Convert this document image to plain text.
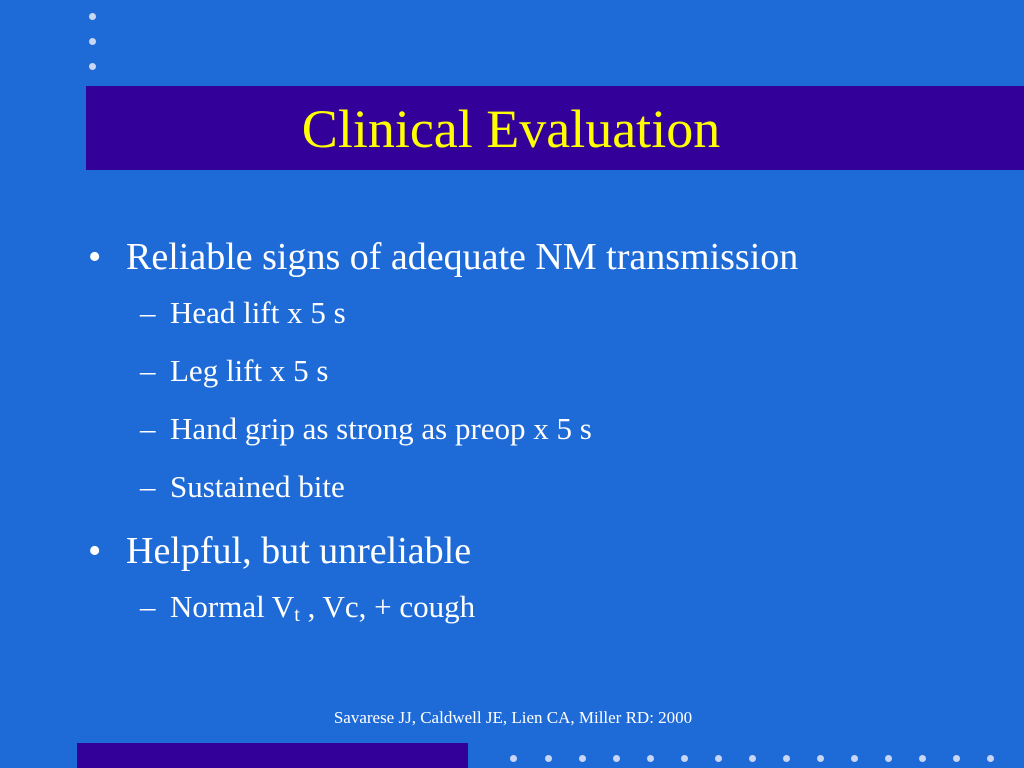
Clinical Evaluation
• Reliable signs of adequate NM transmission
– Head lift x 5 s
– Leg lift x 5 s
– Hand grip as strong as preop x 5 s
– Sustained bite
• Helpful, but unreliable
– Normal $V_t$ , Vc, + cough
Savarese JJ, Caldwell JE, Lien CA, Miller RD: 2000
